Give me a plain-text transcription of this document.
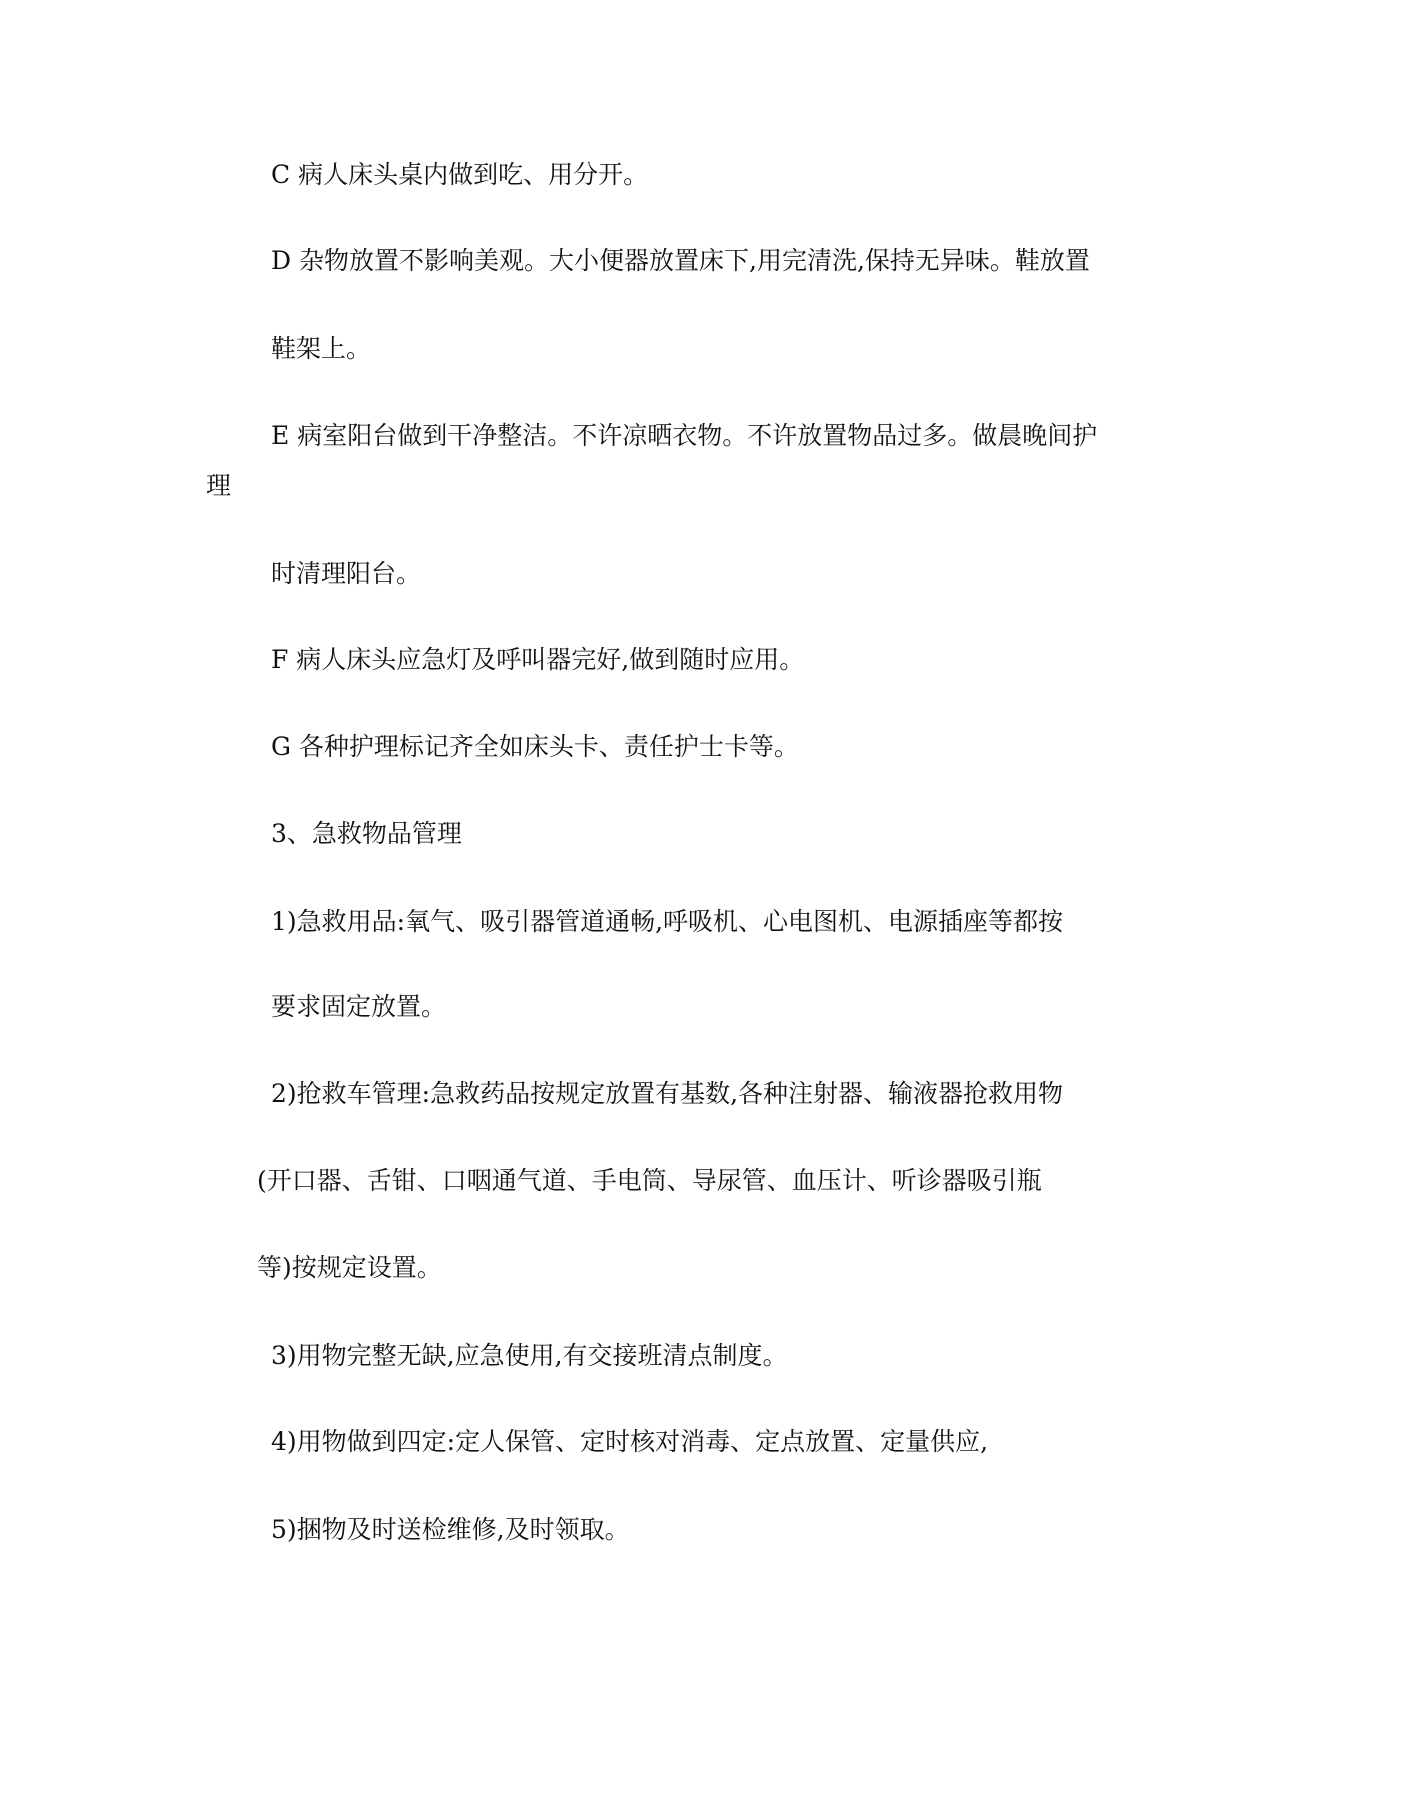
C 病人床头桌内做到吃、用分开。
D 杂物放置不影响美观。大小便器放置床下,用完清洗,保持无异味。鞋放置
鞋架上。
E 病室阳台做到干净整洁。不许凉晒衣物。不许放置物品过多。做晨晚间护
理
时清理阳台。
F 病人床头应急灯及呼叫器完好,做到随时应用。
G 各种护理标记齐全如床头卡、责任护士卡等。
3、急救物品管理
1)急救用品:氧气、吸引器管道通畅,呼吸机、心电图机、电源插座等都按
要求固定放置。
2)抢救车管理:急救药品按规定放置有基数,各种注射器、输液器抢救用物
(开口器、舌钳、口咽通气道、手电筒、导尿管、血压计、听诊器吸引瓶
等)按规定设置。
3)用物完整无缺,应急使用,有交接班清点制度。
4)用物做到四定:定人保管、定时核对消毒、定点放置、定量供应,
5)捆物及时送检维修,及时领取。
